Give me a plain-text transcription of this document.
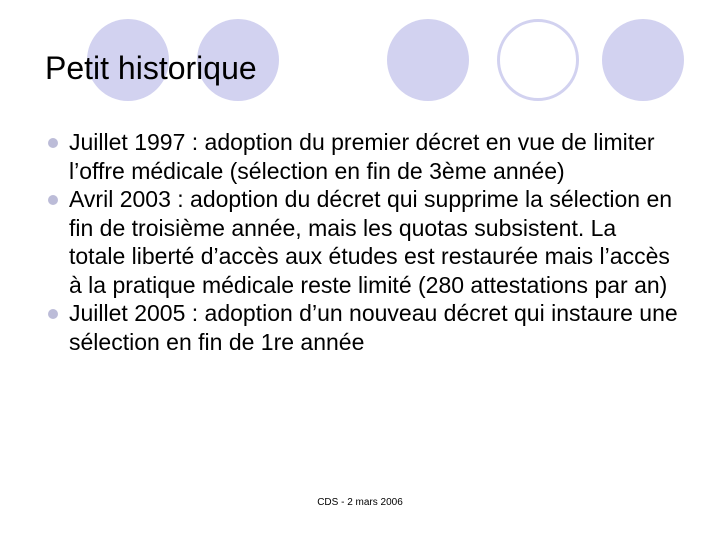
Petit historique
Juillet 1997 : adoption du premier décret en vue de limiter l’offre médicale (sélection en fin de 3ème année)
Avril 2003 : adoption du décret qui supprime la sélection en fin de troisième année, mais les quotas subsistent. La totale liberté d’accès aux études est restaurée mais l’accès à la pratique médicale reste limité (280 attestations par an)
Juillet 2005 : adoption d’un nouveau décret qui instaure une sélection en fin de 1re année
CDS - 2 mars 2006
